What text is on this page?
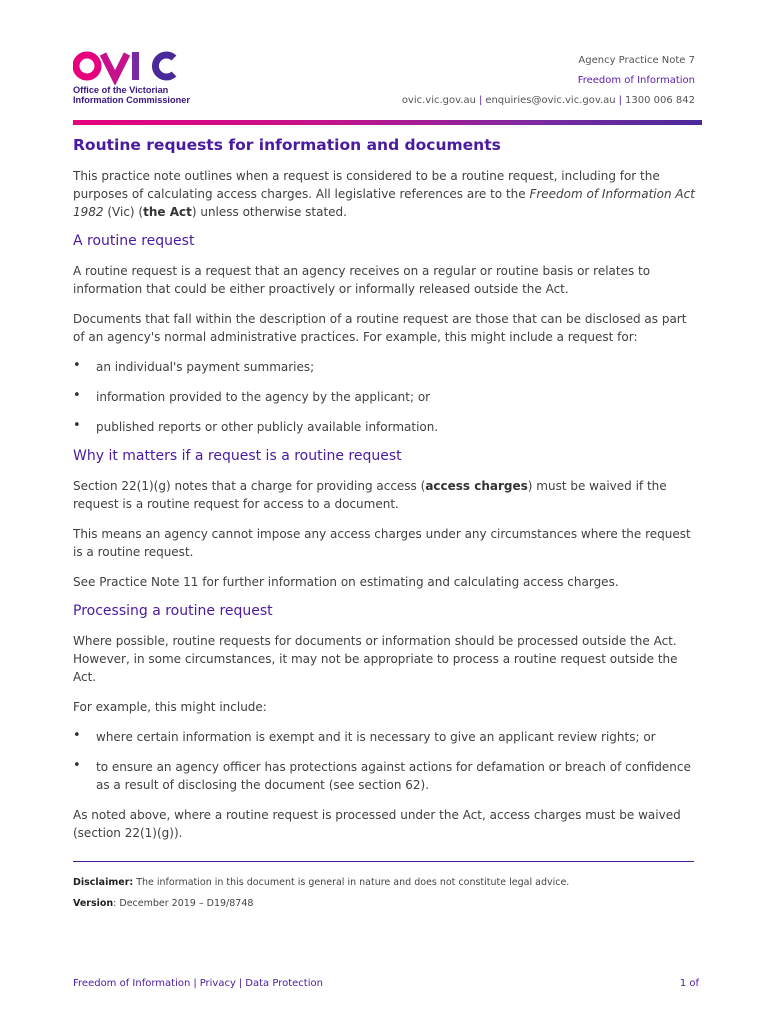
Office of the Victorian
Information Commissioner
Agency Practice Note 7
Freedom of Information
ovic.vic.gov.au | enquiries@ovic.vic.gov.au | 1300 006 842
Routine requests for information and documents

This practice note outlines when a request is considered to be a routine request, including for the purposes of calculating access charges. All legislative references are to the Freedom of Information Act 1982 (Vic) (the Act) unless otherwise stated.

A routine request

A routine request is a request that an agency receives on a regular or routine basis or relates to information that could be either proactively or informally released outside the Act.

Documents that fall within the description of a routine request are those that can be disclosed as part of an agency's normal administrative practices. For example, this might include a request for:

• an individual's payment summaries;
• information provided to the agency by the applicant; or
• published reports or other publicly available information.
Why it matters if a request is a routine request

Section 22(1)(g) notes that a charge for providing access (access charges) must be waived if the request is a routine request for access to a document.

This means an agency cannot impose any access charges under any circumstances where the request is a routine request.

See Practice Note 11 for further information on estimating and calculating access charges.

Processing a routine request

Where possible, routine requests for documents or information should be processed outside the Act. However, in some circumstances, it may not be appropriate to process a routine request outside the Act.

For example, this might include:

• where certain information is exempt and it is necessary to give an applicant review rights; or
• to ensure an agency officer has protections against actions for defamation or breach of confidence as a result of disclosing the document (see section 62).

As noted above, where a routine request is processed under the Act, access charges must be waived (section 22(1)(g)).

Disclaimer: The information in this document is general in nature and does not constitute legal advice.
Version: December 2019 – D19/8748
Freedom of Information | Privacy | Data Protection	1 of
